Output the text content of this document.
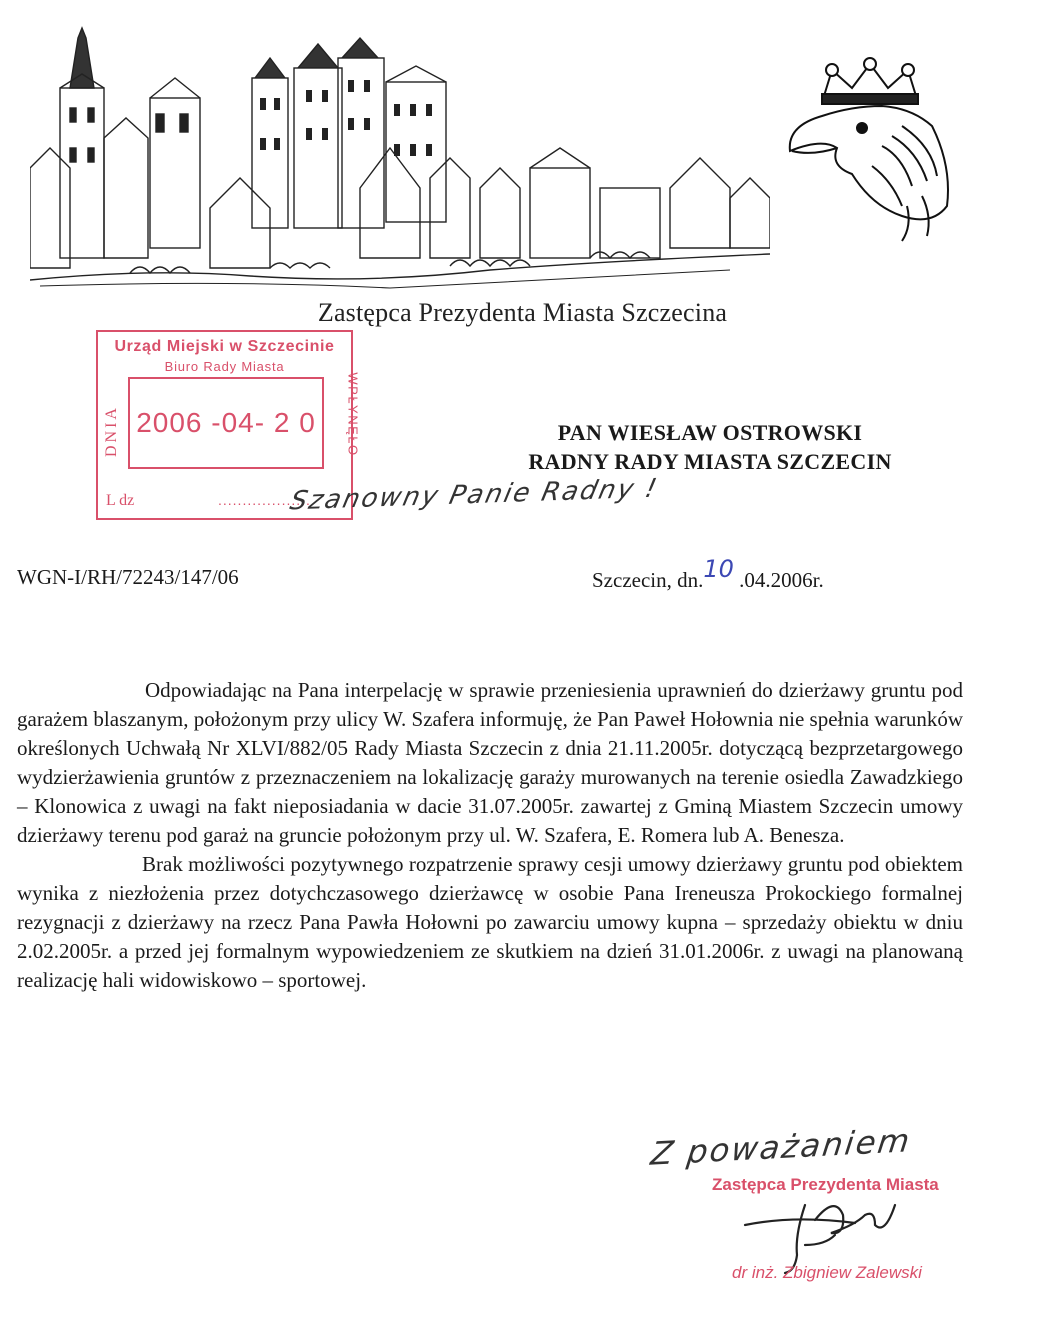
Zastępca Prezydenta Miasta Szczecina
Urząd Miejski w Szczecinie
Biuro Rady Miasta
2006 -04- 2 0
DNIA	WPŁYNĘŁO
L dz	...................
PAN WIESŁAW OSTROWSKI
RADNY RADY MIASTA SZCZECIN
Szanowny Panie Radny !
WGN-I/RH/72243/147/06	Szczecin, dn.10 .04.2006r.

Odpowiadając na Pana interpelację w sprawie przeniesienia uprawnień do dzierżawy gruntu pod garażem blaszanym, położonym przy ulicy W. Szafera informuję, że Pan Paweł Hołownia nie spełnia warunków określonych Uchwałą Nr XLVI/882/05 Rady Miasta Szczecin z dnia 21.11.2005r. dotyczącą bezprzetargowego wydzierżawienia gruntów z przeznaczeniem na lokalizację garaży murowanych na terenie osiedla Zawadzkiego – Klonowica z uwagi na fakt nieposiadania w dacie 31.07.2005r. zawartej z Gminą Miastem Szczecin umowy dzierżawy terenu pod garaż na gruncie położonym przy ul. W. Szafera, E. Romera lub A. Benesza.

Brak możliwości pozytywnego rozpatrzenie sprawy cesji umowy dzierżawy gruntu pod obiektem wynika z niezłożenia przez dotychczasowego dzierżawcę w osobie Pana Ireneusza Prokockiego formalnej rezygnacji z dzierżawy na rzecz Pana Pawła Hołowni po zawarciu umowy kupna – sprzedaży obiektu w dniu 2.02.2005r. a przed jej formalnym wypowiedzeniem ze skutkiem na dzień 31.01.2006r. z uwagi na planowaną realizację hali widowiskowo – sportowej.

Z poważaniem
Zastępca Prezydenta Miasta
dr inż. Zbigniew Zalewski
